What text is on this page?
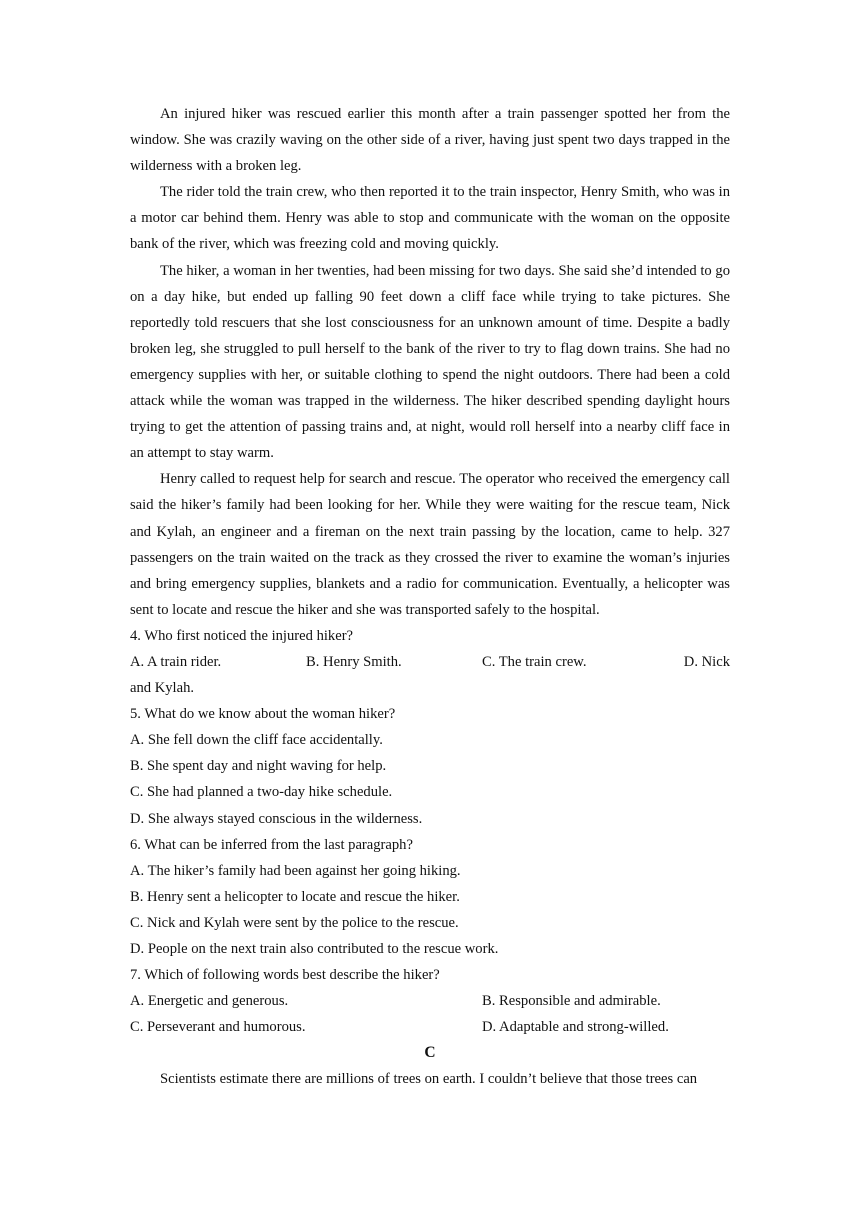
An injured hiker was rescued earlier this month after a train passenger spotted her from the window. She was crazily waving on the other side of a river, having just spent two days trapped in the wilderness with a broken leg.

The rider told the train crew, who then reported it to the train inspector, Henry Smith, who was in a motor car behind them. Henry was able to stop and communicate with the woman on the opposite bank of the river, which was freezing cold and moving quickly.

The hiker, a woman in her twenties, had been missing for two days. She said she’d intended to go on a day hike, but ended up falling 90 feet down a cliff face while trying to take pictures. She reportedly told rescuers that she lost consciousness for an unknown amount of time. Despite a badly broken leg, she struggled to pull herself to the bank of the river to try to flag down trains. She had no emergency supplies with her, or suitable clothing to spend the night outdoors. There had been a cold attack while the woman was trapped in the wilderness. The hiker described spending daylight hours trying to get the attention of passing trains and, at night, would roll herself into a nearby cliff face in an attempt to stay warm.

Henry called to request help for search and rescue. The operator who received the emergency call said the hiker’s family had been looking for her. While they were waiting for the rescue team, Nick and Kylah, an engineer and a fireman on the next train passing by the location, came to help. 327 passengers on the train waited on the track as they crossed the river to examine the woman’s injuries and bring emergency supplies, blankets and a radio for communication. Eventually, a helicopter was sent to locate and rescue the hiker and she was transported safely to the hospital.

4. Who first noticed the injured hiker?

A. A train rider.	B. Henry Smith.	C. The train crew.	D. Nick

and Kylah.

5. What do we know about the woman hiker?

A. She fell down the cliff face accidentally.

B. She spent day and night waving for help.

C. She had planned a two-day hike schedule.

D. She always stayed conscious in the wilderness.

6. What can be inferred from the last paragraph?

A. The hiker’s family had been against her going hiking.

B. Henry sent a helicopter to locate and rescue the hiker.

C. Nick and Kylah were sent by the police to the rescue.

D. People on the next train also contributed to the rescue work.

7. Which of following words best describe the hiker?

A. Energetic and generous.	B. Responsible and admirable.
C. Perseverant and humorous.	D. Adaptable and strong-willed.

C

Scientists estimate there are millions of trees on earth. I couldn’t believe that those trees can
